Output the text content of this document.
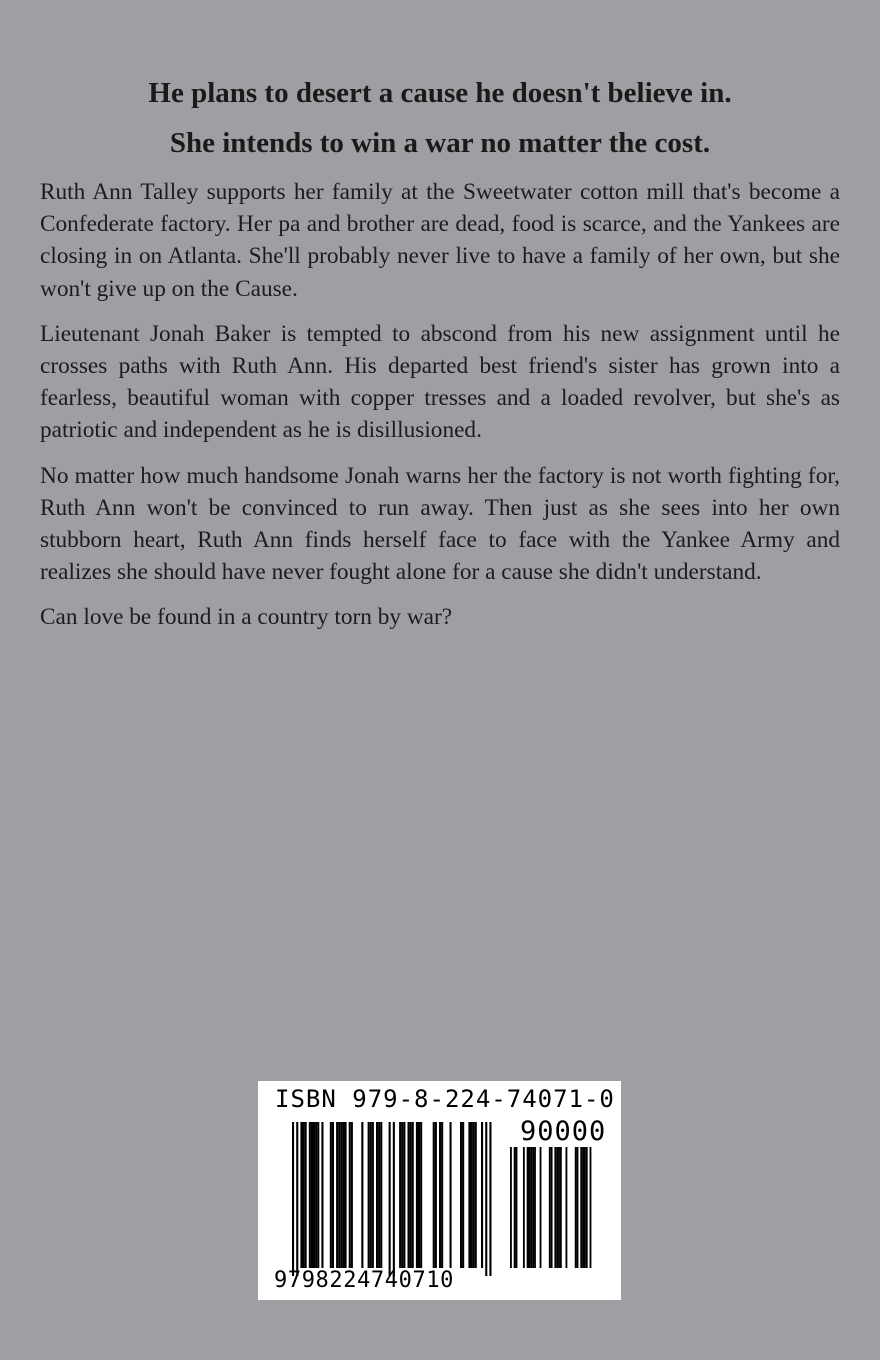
He plans to desert a cause he doesn't believe in.
She intends to win a war no matter the cost.

Ruth Ann Talley supports her family at the Sweetwater cotton mill that's become a Confederate factory. Her pa and brother are dead, food is scarce, and the Yankees are closing in on Atlanta. She'll probably never live to have a family of her own, but she won't give up on the Cause.

Lieutenant Jonah Baker is tempted to abscond from his new assignment until he crosses paths with Ruth Ann. His departed best friend's sister has grown into a fearless, beautiful woman with copper tresses and a loaded revolver, but she's as patriotic and independent as he is disillusioned.

No matter how much handsome Jonah warns her the factory is not worth fighting for, Ruth Ann won't be convinced to run away. Then just as she sees into her own stubborn heart, Ruth Ann finds herself face to face with the Yankee Army and realizes she should have never fought alone for a cause she didn't understand.

Can love be found in a country torn by war?

ISBN 979-8-224-74071-0
90000
9798224740710
